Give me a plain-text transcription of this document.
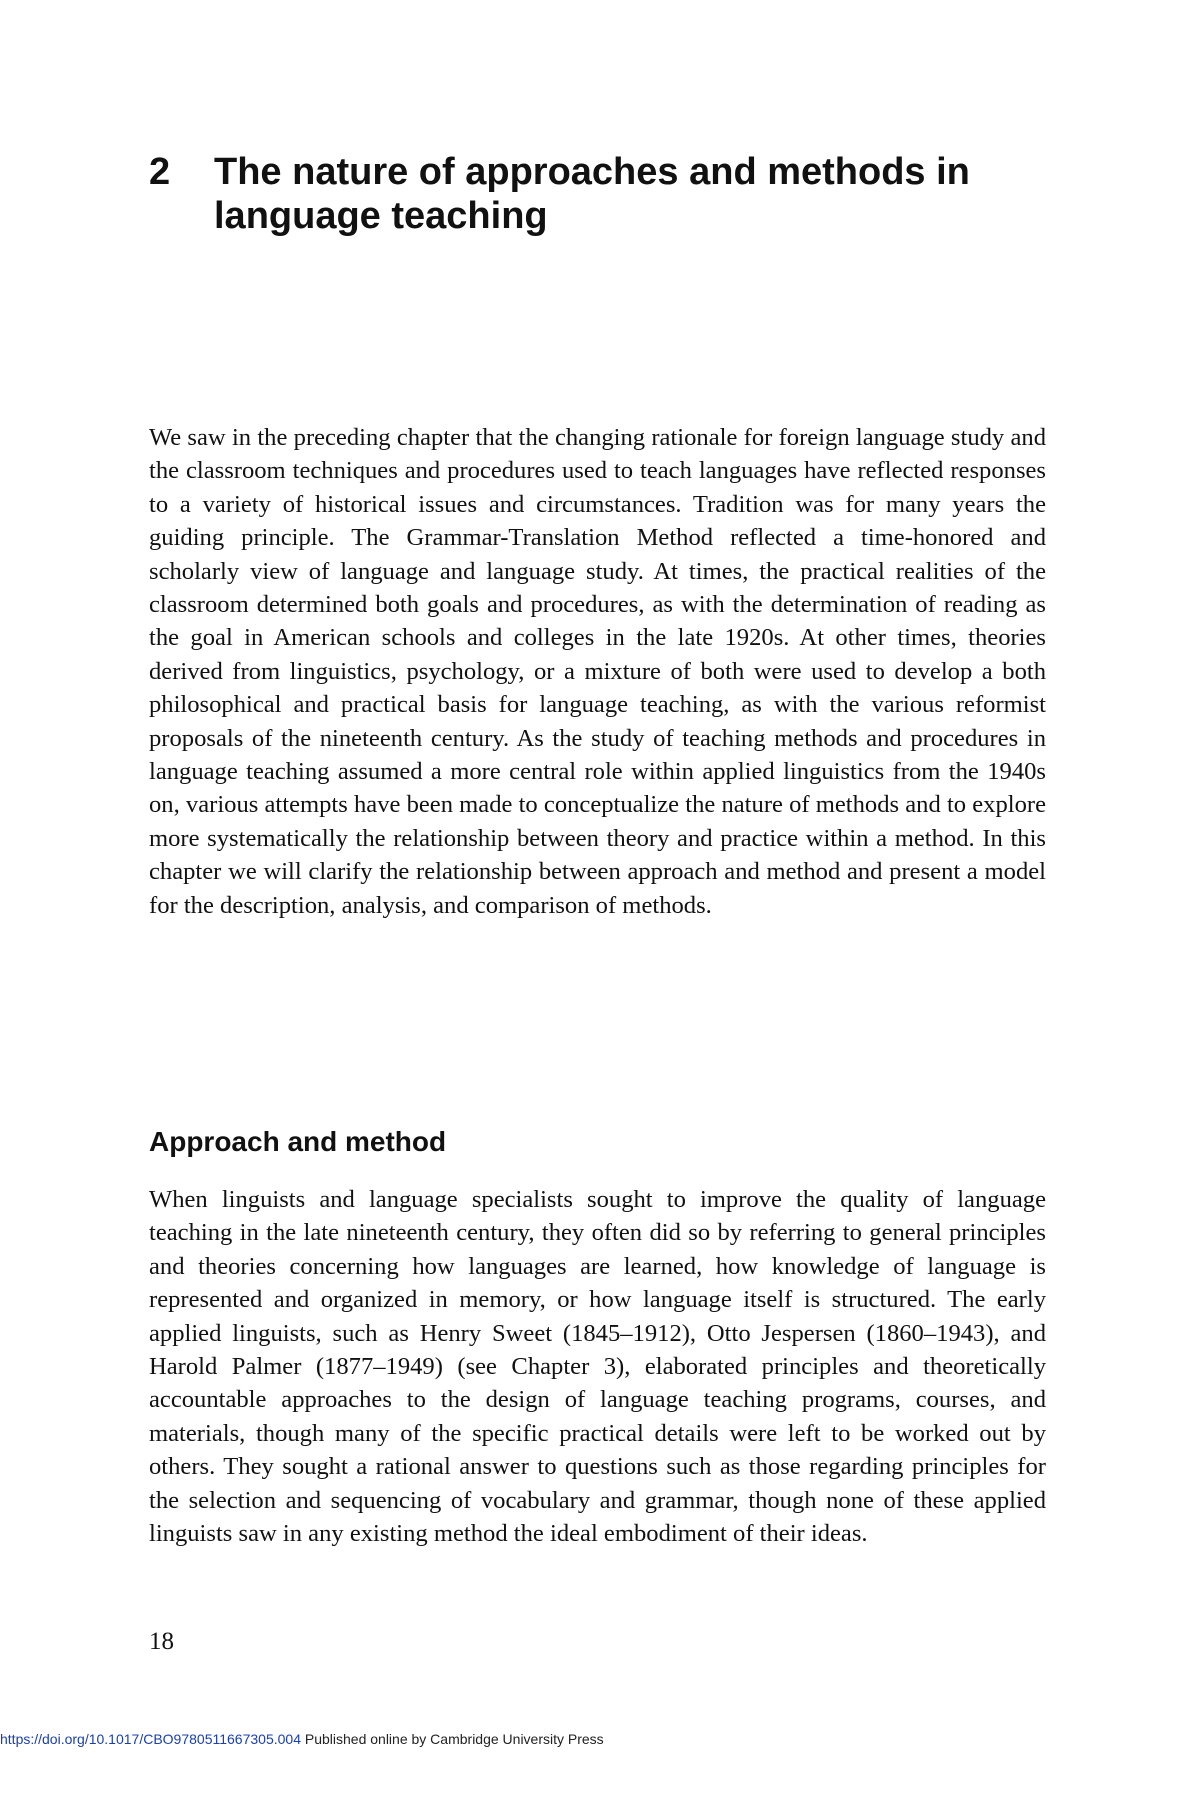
2	The nature of approaches and methods in language teaching

We saw in the preceding chapter that the changing rationale for foreign language study and the classroom techniques and procedures used to teach languages have reflected responses to a variety of historical issues and circumstances. Tradition was for many years the guiding principle. The Grammar-Translation Method reflected a time-honored and scholarly view of language and language study. At times, the practical realities of the classroom determined both goals and procedures, as with the determination of reading as the goal in American schools and colleges in the late 1920s. At other times, theories derived from linguistics, psychology, or a mixture of both were used to develop a both philosophical and practical basis for language teaching, as with the various reformist proposals of the nineteenth century. As the study of teaching methods and procedures in language teaching assumed a more central role within applied linguistics from the 1940s on, various attempts have been made to conceptualize the nature of methods and to explore more systematically the relationship between theory and practice within a method. In this chapter we will clarify the relationship between approach and method and present a model for the description, analysis, and comparison of methods.

Approach and method

When linguists and language specialists sought to improve the quality of language teaching in the late nineteenth century, they often did so by referring to general principles and theories concerning how languages are learned, how knowledge of language is represented and organized in memory, or how language itself is structured. The early applied linguists, such as Henry Sweet (1845–1912), Otto Jespersen (1860–1943), and Harold Palmer (1877–1949) (see Chapter 3), elaborated principles and theoretically accountable approaches to the design of language teaching programs, courses, and materials, though many of the specific practical details were left to be worked out by others. They sought a rational answer to questions such as those regarding principles for the selection and sequencing of vocabulary and grammar, though none of these applied linguists saw in any existing method the ideal embodiment of their ideas.

18
https://doi.org/10.1017/CBO9780511667305.004 Published online by Cambridge University Press
